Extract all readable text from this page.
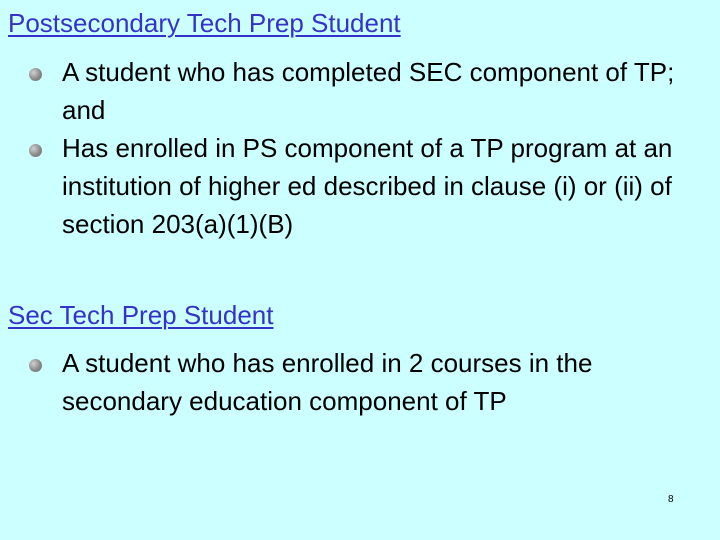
Postsecondary Tech Prep Student
A student who has completed SEC component of TP; and
Has enrolled in PS component of a TP program at an institution of higher ed described in clause (i) or (ii) of section 203(a)(1)(B)
Sec Tech Prep Student
A student who has enrolled in 2 courses in the secondary education component of TP
8
